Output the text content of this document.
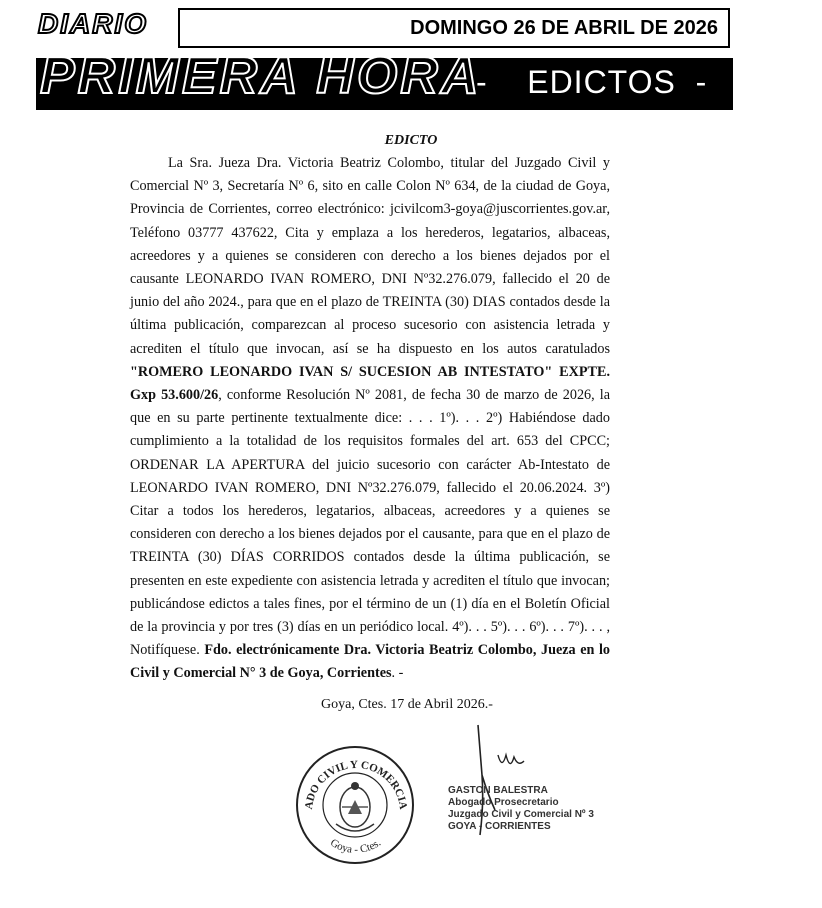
DIARIO	DOMINGO 26 DE ABRIL DE 2026
PRIMERA HORA
-    EDICTOS  -
EDICTO

La Sra. Jueza Dra. Victoria Beatriz Colombo, titular del Juzgado Civil y Comercial Nº 3, Secretaría Nº 6, sito en calle Colon Nº 634, de la ciudad de Goya, Provincia de Corrientes, correo electrónico: jcivilcom3-goya@juscorrientes.gov.ar, Teléfono 03777 437622, Cita y emplaza a los herederos, legatarios, albaceas, acreedores y a quienes se consideren con derecho a los bienes dejados por el causante LEONARDO IVAN ROMERO, DNI Nº32.276.079, fallecido el 20 de junio del año 2024., para que en el plazo de TREINTA (30) DIAS contados desde la última publicación, comparezcan al proceso sucesorio con asistencia letrada y acrediten el título que invocan, así se ha dispuesto en los autos caratulados "ROMERO LEONARDO IVAN S/ SUCESION AB INTESTATO" EXPTE. Gxp 53.600/26, conforme Resolución Nº 2081, de fecha 30 de marzo de 2026, la que en su parte pertinente textualmente dice: . . . 1º). . . 2º) Habiéndose dado cumplimiento a la totalidad de los requisitos formales del art. 653 del CPCC; ORDENAR LA APERTURA del juicio sucesorio con carácter Ab-Intestato de LEONARDO IVAN ROMERO, DNI Nº32.276.079, fallecido el 20.06.2024. 3º) Citar a todos los herederos, legatarios, albaceas, acreedores y a quienes se consideren con derecho a los bienes dejados por el causante, para que en el plazo de TREINTA (30) DÍAS CORRIDOS contados desde la última publicación, se presenten en este expediente con asistencia letrada y acrediten el título que invocan; publicándose edictos a tales fines, por el término de un (1) día en el Boletín Oficial de la provincia y por tres (3) días en un periódico local. 4º). . . 5º). . . 6º). . . 7º). . . , Notifíquese. Fdo. electrónicamente Dra. Victoria Beatriz Colombo, Jueza en lo Civil y Comercial N° 3 de Goya, Corrientes. -

Goya, Ctes. 17 de Abril 2026.-
ADO CIVIL Y COMERCIA
Goya - Ctes.
GASTON BALESTRA
Abogado Prosecretario
Juzgado Civil y Comercial Nº 3
GOYA - CORRIENTES
